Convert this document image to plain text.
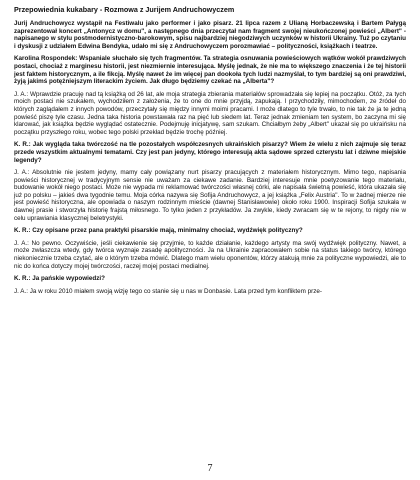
Przepowiednia kukabary - Rozmowa z Jurijem Andruchowyczem

Jurij Andruchowycz wystąpił na Festiwalu jako performer i jako pisarz. 21 lipca razem z Ulianą Horbaczewską i Bartem Pałygą zaprezentował koncert „Antonycz w domu", a następnego dnia przeczytał nam fragment swojej nieukończonej powieści „Albert" - napisanego w stylu postmodernistyczno-barokowym, spisu najbardziej niegodziwych uczynków w historii Ukrainy. Tuż po czytaniu i dyskusji z udziałem Edwina Bendyka, udało mi się z Andruchowyczem porozmawiać – polityczności, książkach i teatrze.

Karolina Rospondek: Wspaniale słuchało się tych fragmentów. Ta strategia osnuwania powieściowych wątków wokół prawdziwych postaci, chociaż z marginesu historii, jest niezmiernie interesująca. Myślę jednak, że nie ma to większego znaczenia i że tej historii jest faktem historycznym, a ile fikcją. Myślę nawet że im więcej pan dookoła tych ludzi nazmyślał, to tym bardziej są oni prawdziwi, żyją jakimś potężniejszym literackim życiem. Jak długo będziemy czekać na „Alberta"?

J. A.: Wprawdzie pracuję nad tą książką od 26 lat, ale moja strategia zbierania materiałów sprowadzała się lepiej na początku. Otóż, za tych moich postaci nie szukałem, wychodziłem z założenia, że to one do mnie przyjdą, zapukają. I przychodziły, mimochodem, ze źródeł do których zaglądałem z innych powodów, przeczytały się między innymi moimi pracami. I może dlatego to tyle trwało, to nie tak że ja te jedną powieść piszę tyle czasu. Jedna taka historia powstawała raz na pięć lub siedem lat. Teraz jednak zmieniam ten system, bo zaczyna mi się klarować, jak książka będzie wyglądać ostatecznie. Podejmuję inicjatywę, sam szukam. Chciałbym żeby „Albert" ukazał się po ukraińsku na początku przyszłego roku, wobec tego polski przekład będzie trochę później.

K. R.: Jak wygląda taka twórczość na tle pozostałych współczesnych ukraińskich pisarzy? Wiem że wielu z nich zajmuje się teraz przede wszystkim aktualnymi tematami. Czy jest pan jedyny, którego interesują akta sądowe sprzed czterystu lat i dziwne miejskie legendy?

J. A.: Absolutnie nie jestem jedyny, mamy cały powiązany nurt pisarzy pracujących z materiałem historycznym. Mimo tego, napisania powieści historycznej w tradycyjnym sensie nie uważam za ciekawe zadanie. Bardziej interesuje mnie poetyzowanie tego materiału, budowanie wokół niego postaci. Może nie wypada mi reklamować twórczości własnej córki, ale napisała świetną powieść, która ukazała się już po polsku – jakieś dwa tygodnie temu. Moja córka nazywa się Sofija Andruchowycz, a jej książka „Felix Austria". To w żadnej mierze nie jest powieść historyczna, ale opowiada o naszym rodzinnym mieście (dawnej Stanisławowie) około roku 1900. Inspiracji Sofija szukała w dawnej prasie i stworzyła historię frajstą miłosnego. To tylko jeden z przykładów. Ja zwykle, kiedy zwracam się w te rejony, to nigdy nie w celu uprawiania klasycznej beletrystyki.

K. R.: Czy opisane przez pana praktyki pisarskie mają, minimalny chociaż, wydźwięk polityczny?

J. A.: No pewno. Oczywiście, jeśli ciekawienie się przyjmie, to każde działanie, każdego artysty ma swój wydźwięk polityczny. Nawet, a może zwłaszcza wtedy, gdy twórca wyznaje zasadę apolityczności. Ja na Ukrainie zapracowałem sobie na status takiego twórcy, którego niekoniecznie trzeba czytać, ale o którym trzeba mówić. Dlatego mam wielu oponentów, którzy atakują mnie za polityczne wypowiedzi, ale to nic do końca dotyczy mojej twórczości, raczej mojej postaci medialnej.

K. R.: Ja pańskie wypowiedzi?

J. A.: Ja w roku 2010 miałem swoją wizję tego co stanie się u nas w Donbasie. Lata przed tym konfliktem prze-

7
